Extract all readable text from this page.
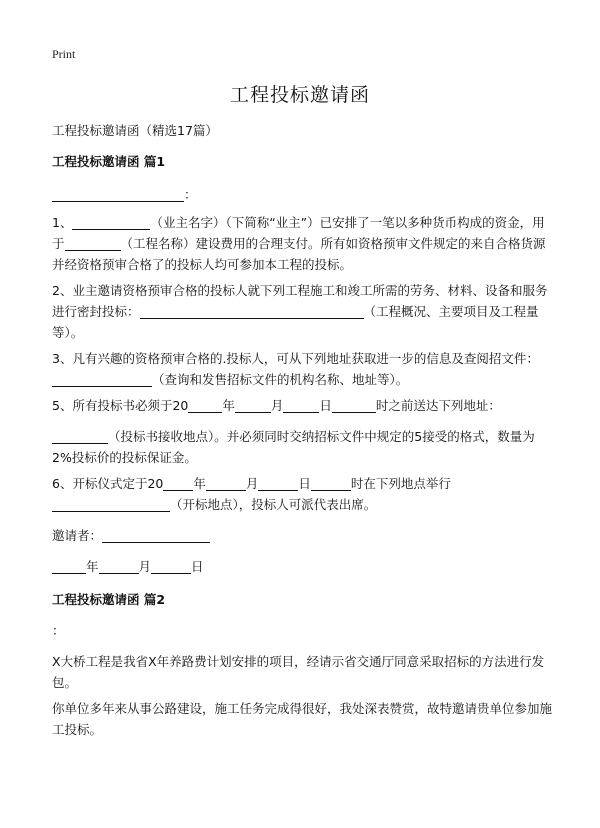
Print
工程投标邀请函

工程投标邀请函（精选17篇）

工程投标邀请函 篇1

：

1、	（业主名字）（下简称“业主”）已安排了一笔以多种货币构成的资金，用于	（工程名称）建设费用的合理支付。所有如资格预审文件规定的来自合格货源并经资格预审合格了的投标人均可参加本工程的投标。

2、业主邀请资格预审合格的投标人就下列工程施工和竣工所需的劳务、材料、设备和服务进行密封投标：	（工程概况、主要项目及工程量等）。

3、凡有兴趣的资格预审合格的.投标人，可从下列地址获取进一步的信息及查阅招文件：（查询和发售招标文件的机构名称、地址等）。

5、所有投标书必须于20	年	月	日	时之前送达下列地址：

（投标书接收地点）。并必须同时交纳招标文件中规定的5接受的格式，数量为2%投标价的投标保证金。

6、开标仪式定于20 年	月	日	时在下列地点举行
（开标地点），投标人可派代表出席。

邀请者：

年	月	日

工程投标邀请函 篇2

：

X大桥工程是我省X年养路费计划安排的项目，经请示省交通厅同意采取招标的方法进行发包。

你单位多年来从事公路建设，施工任务完成得很好，我处深表赞赏，故特邀请贵单位参加施工投标。
